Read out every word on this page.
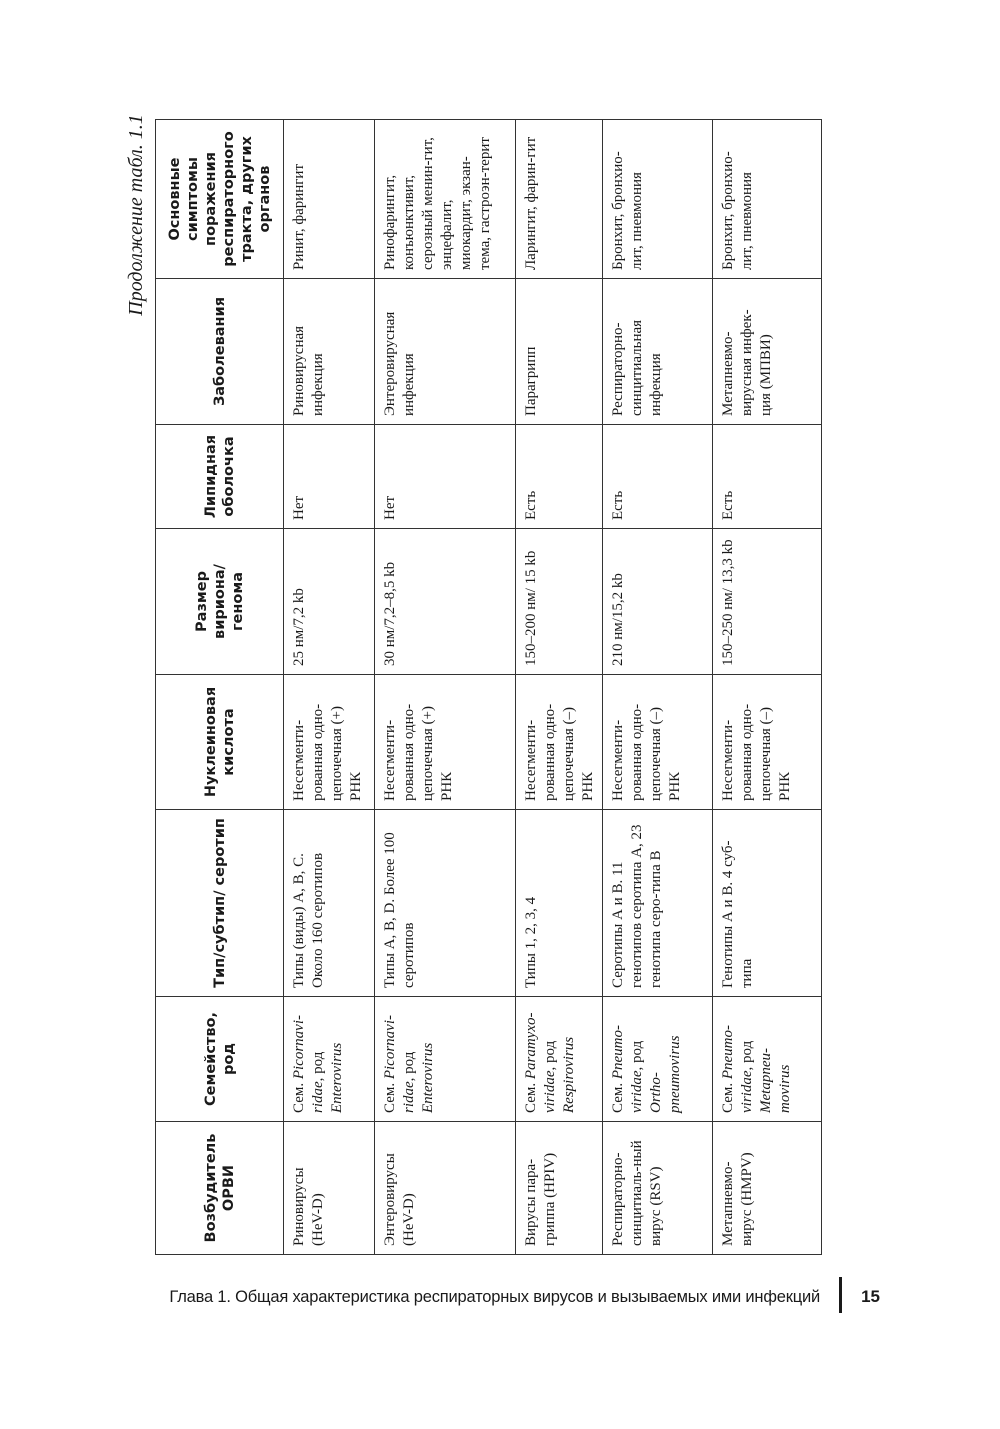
Продолжение табл. 1.1
Возбудитель ОРВИ	Семейство, род	Тип/субтип/ серотип	Нуклеиновая кислота	Размер вириона/ генома	Липидная оболочка	Заболевания	Основные симптомы поражения респираторного тракта, других органов
Риновирусы (HeV-D)	Сем. Picornavi-ridae, род Enterovirus	Типы (виды) А, В, С. Около 160 серотипов	Несегменти-рованная одно-цепочечная (+) РНК	25 нм/7,2 kb	Нет	Риновирусная инфекция	Ринит, фарингит
Энтеровирусы (HeV-D)	Сем. Picornavi-ridae, род Enterovirus	Типы А, В, D. Более 100 серотипов	Несегменти-рованная одно-цепочечная (+) РНК	30 нм/7,2–8,5 kb	Нет	Энтеровирусная инфекция	Ринофарингит, конъюнктивит, серозный менин-гит, энцефалит, миокардит, экзан-тема, гастроэн-терит
Вирусы пара-гриппа (HPIV)	Сем. Paramyxo-viridae, род Respirovirus	Типы 1, 2, 3, 4	Несегменти-рованная одно-цепочечная (–) РНК	150–200 нм/ 15 kb	Есть	Парагрипп	Ларингит, фарин-гит
Респираторно-синцитиаль-ный вирус (RSV)	Сем. Pneumo-viridae, род Ortho-pneumovirus	Серотипы А и В. 11 генотипов серотипа А, 23 генотипа серо-типа В	Несегменти-рованная одно-цепочечная (–) РНК	210 нм/15,2 kb	Есть	Респираторно-синцитиальная инфекция	Бронхит, бронхио-лит, пневмония
Метапневмо-вирус (HMPV)	Сем. Pneumo-viridae, род Metapneu-movirus	Генотипы А и В. 4 суб-типа	Несегменти-рованная одно-цепочечная (–) РНК	150–250 нм/ 13,3 kb	Есть	Метапневмо-вирусная инфек-ция (МПВИ)	Бронхит, бронхио-лит, пневмония
Глава 1. Общая характеристика респираторных вирусов и вызываемых ими инфекций 15
